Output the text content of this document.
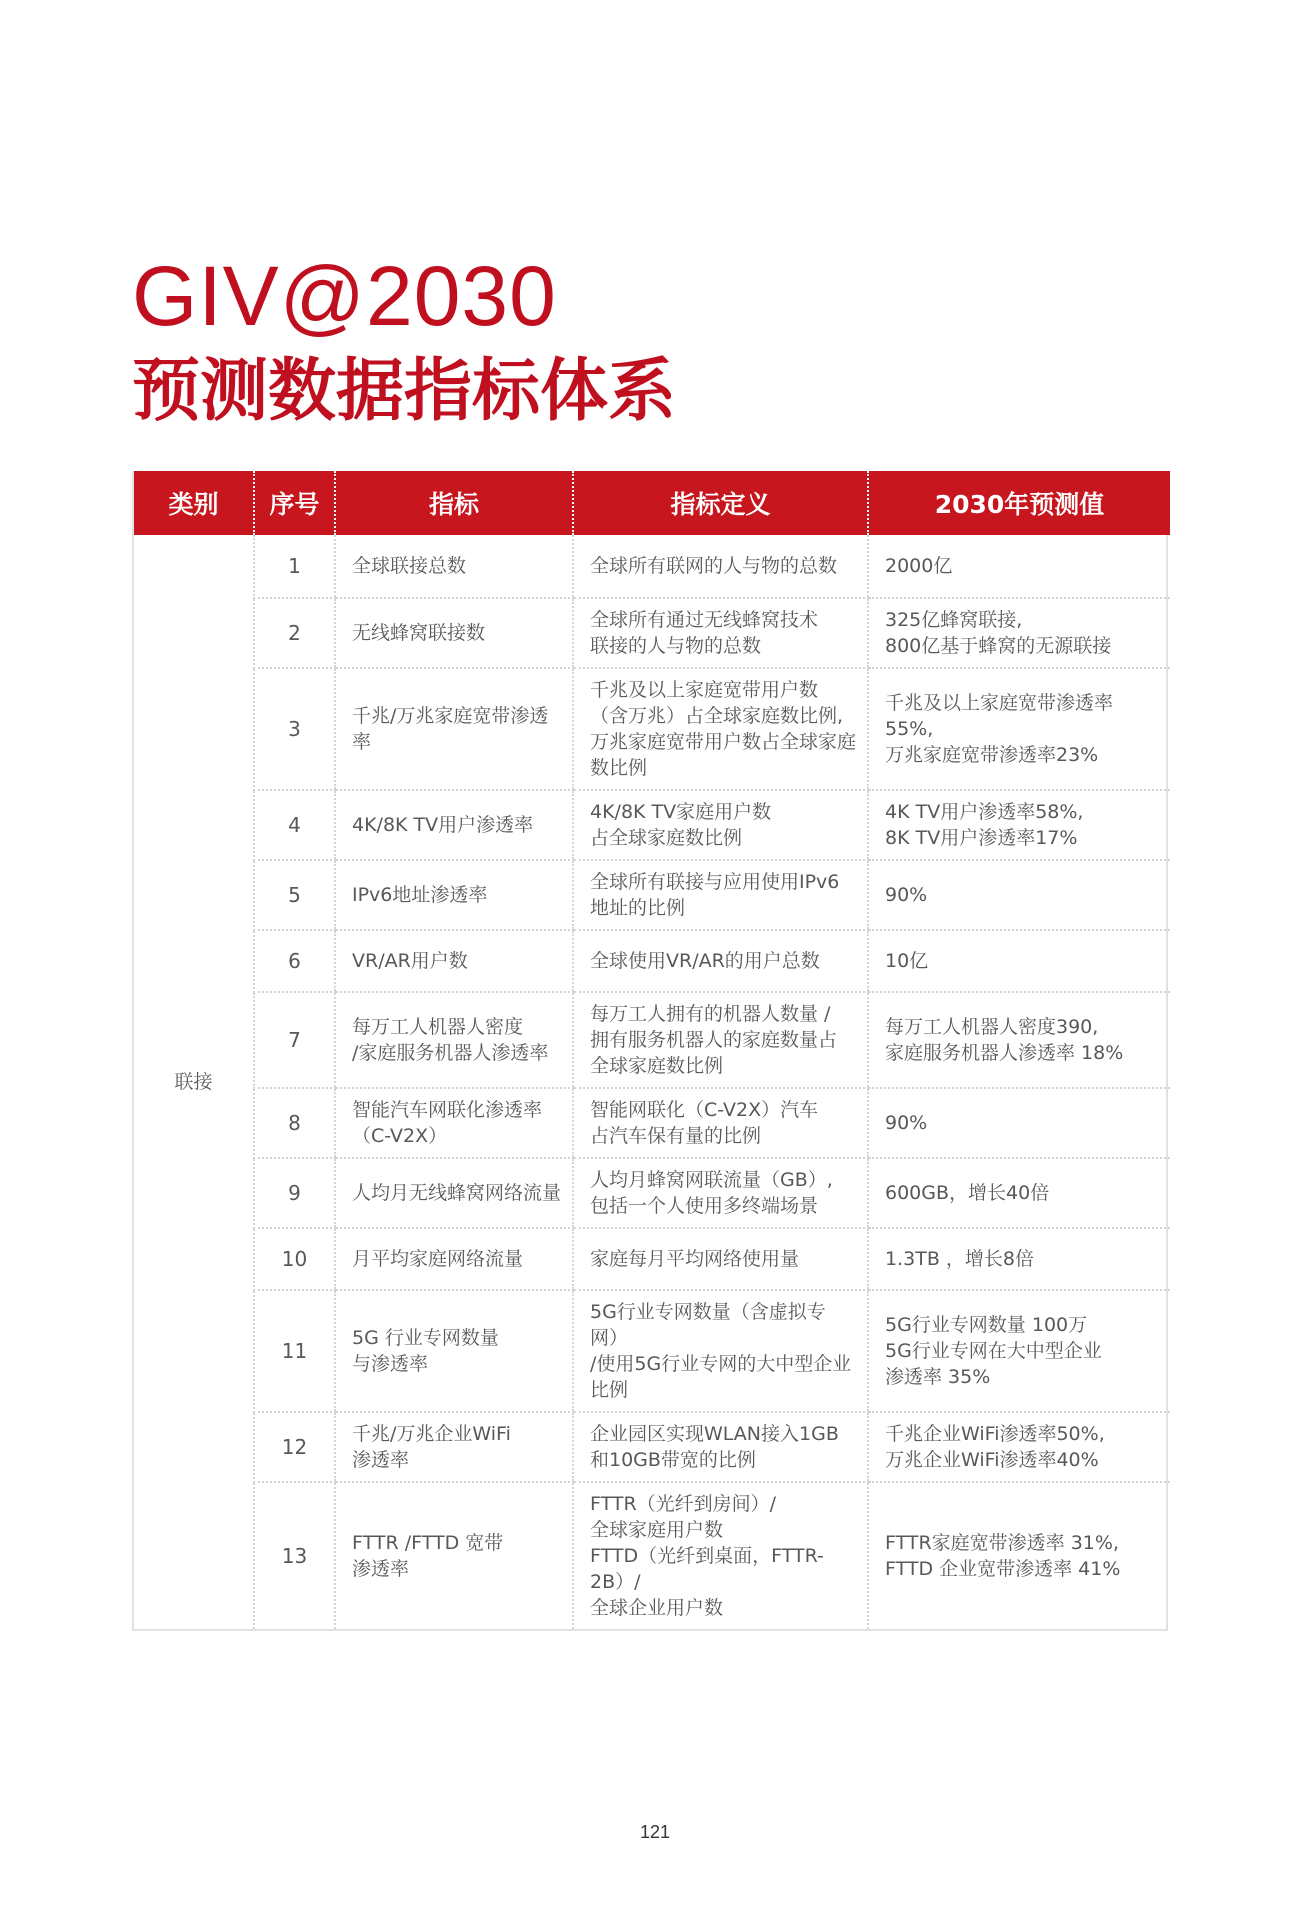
GIV@2030
预测数据指标体系
类别	序号	指标	指标定义	2030年预测值
联接	1	全球联接总数	全球所有联网的人与物的总数	2000亿
	2	无线蜂窝联接数	全球所有通过无线蜂窝技术
联接的人与物的总数	325亿蜂窝联接,
800亿基于蜂窝的无源联接
	3	千兆/万兆家庭宽带渗透率	千兆及以上家庭宽带用户数
（含万兆）占全球家庭数比例,
万兆家庭宽带用户数占全球家庭
数比例	千兆及以上家庭宽带渗透率55%,
万兆家庭宽带渗透率23%
	4	4K/8K TV用户渗透率	4K/8K TV家庭用户数
占全球家庭数比例	4K TV用户渗透率58%,
8K TV用户渗透率17%
	5	IPv6地址渗透率	全球所有联接与应用使用IPv6
地址的比例	90%
	6	VR/AR用户数	全球使用VR/AR的用户总数	10亿
	7	每万工人机器人密度
/家庭服务机器人渗透率	每万工人拥有的机器人数量 /
拥有服务机器人的家庭数量占
全球家庭数比例	每万工人机器人密度390,
家庭服务机器人渗透率 18%
	8	智能汽车网联化渗透率
（C-V2X）	智能网联化（C-V2X）汽车
占汽车保有量的比例	90%
	9	人均月无线蜂窝网络流量	人均月蜂窝网联流量（GB）,
包括一个人使用多终端场景	600GB，增长40倍
	10	月平均家庭网络流量	家庭每月平均网络使用量	1.3TB ，增长8倍
	11	5G 行业专网数量
与渗透率	5G行业专网数量（含虚拟专网）
/使用5G行业专网的大中型企业
比例	5G行业专网数量 100万
5G行业专网在大中型企业
渗透率 35%
	12	千兆/万兆企业WiFi
渗透率	企业园区实现WLAN接入1GB
和10GB带宽的比例	千兆企业WiFi渗透率50%,
万兆企业WiFi渗透率40%
	13	FTTR /FTTD 宽带
渗透率	FTTR（光纤到房间）/
全球家庭用户数
FTTD（光纤到桌面，FTTR-2B）/
全球企业用户数	FTTR家庭宽带渗透率 31%,
FTTD 企业宽带渗透率 41%
121
